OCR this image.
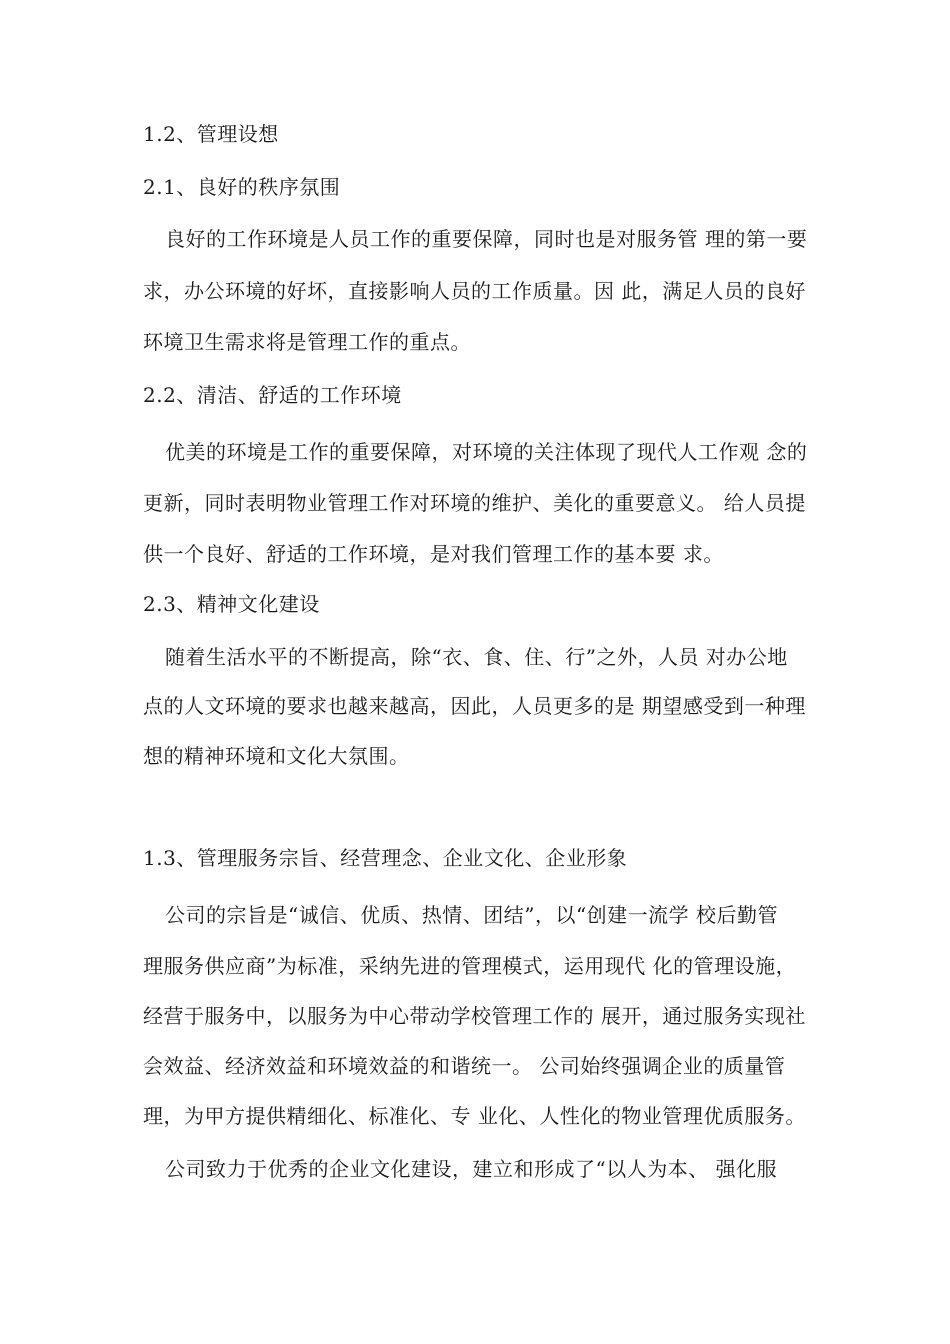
1.2、管理设想
2.1、良好的秩序氛围
良好的工作环境是人员工作的重要保障，同时也是对服务管 理的第一要
求，办公环境的好坏，直接影响人员的工作质量。因 此，满足人员的良好
环境卫生需求将是管理工作的重点。
2.2、清洁、舒适的工作环境
优美的环境是工作的重要保障，对环境的关注体现了现代人工作观 念的
更新，同时表明物业管理工作对环境的维护、美化的重要意义。 给人员提
供一个良好、舒适的工作环境，是对我们管理工作的基本要 求。
2.3、精神文化建设
随着生活水平的不断提高，除“衣、食、住、行”之外，人员 对办公地
点的人文环境的要求也越来越高，因此，人员更多的是 期望感受到一种理
想的精神环境和文化大氛围。
1.3、管理服务宗旨、经营理念、企业文化、企业形象
公司的宗旨是“诚信、优质、热情、团结”，以“创建一流学 校后勤管
理服务供应商”为标准，采纳先进的管理模式，运用现代 化的管理设施，
经营于服务中，以服务为中心带动学校管理工作的 展开，通过服务实现社
会效益、经济效益和环境效益的和谐统一。 公司始终强调企业的质量管
理，为甲方提供精细化、标准化、专 业化、人性化的物业管理优质服务。
公司致力于优秀的企业文化建设，建立和形成了“以人为本、 强化服
